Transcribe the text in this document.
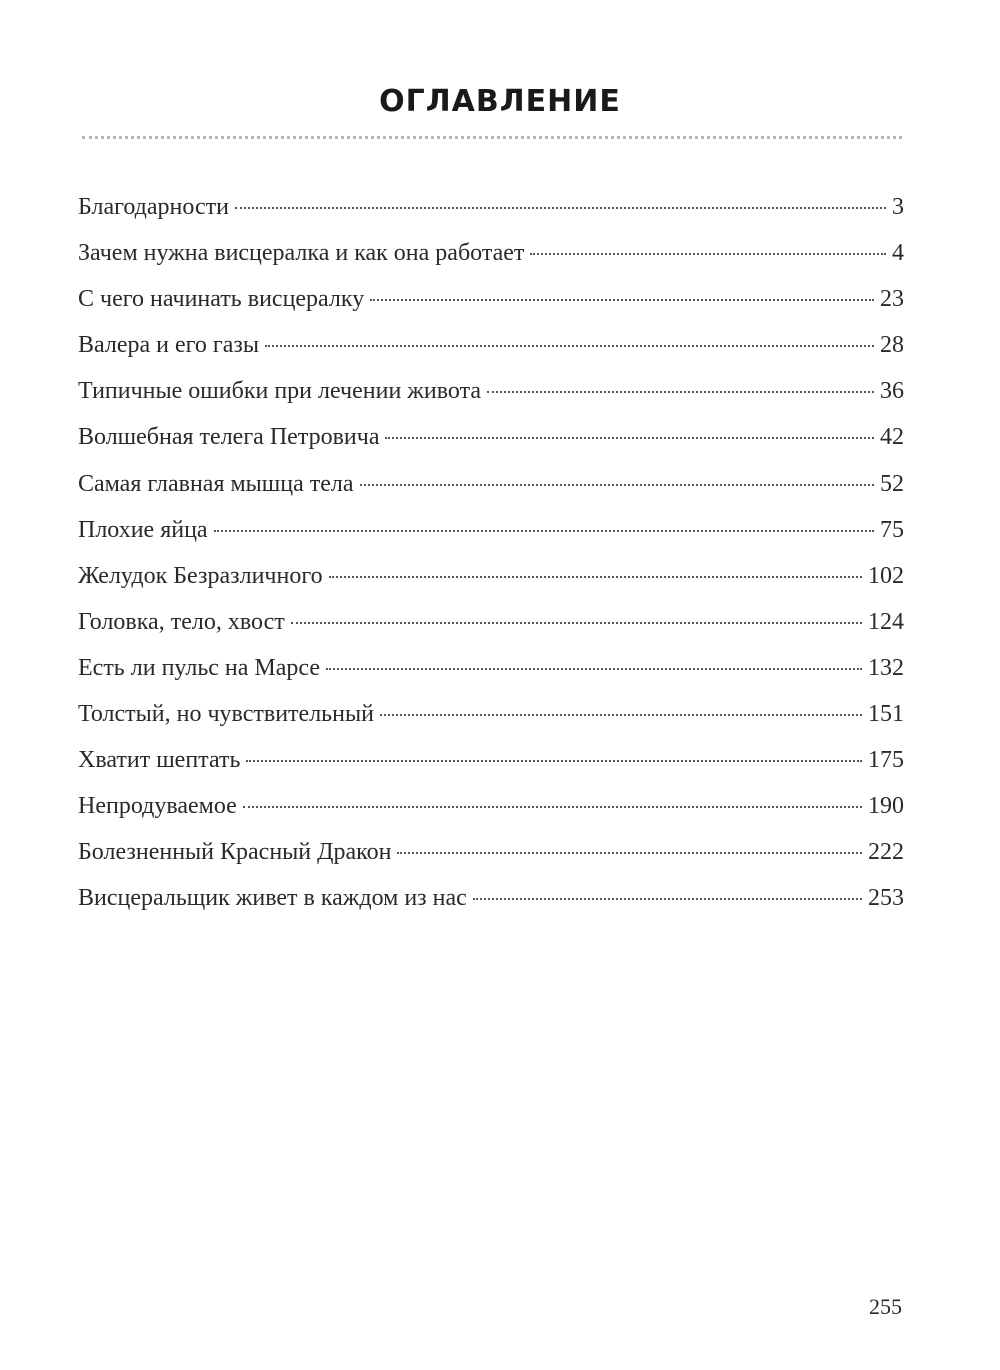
ОГЛАВЛЕНИЕ
Благодарности	3
Зачем нужна висцералка и как она работает	4
С чего начинать висцералку	23
Валера и его газы	28
Типичные ошибки при лечении живота	36
Волшебная телега Петровича	42
Самая главная мышца тела	52
Плохие яйца	75
Желудок Безразличного	102
Головка, тело, хвост	124
Есть ли пульс на Марсе	132
Толстый, но чувствительный	151
Хватит шептать	175
Непродуваемое	190
Болезненный Красный Дракон	222
Висцеральщик живет в каждом из нас	253
255
